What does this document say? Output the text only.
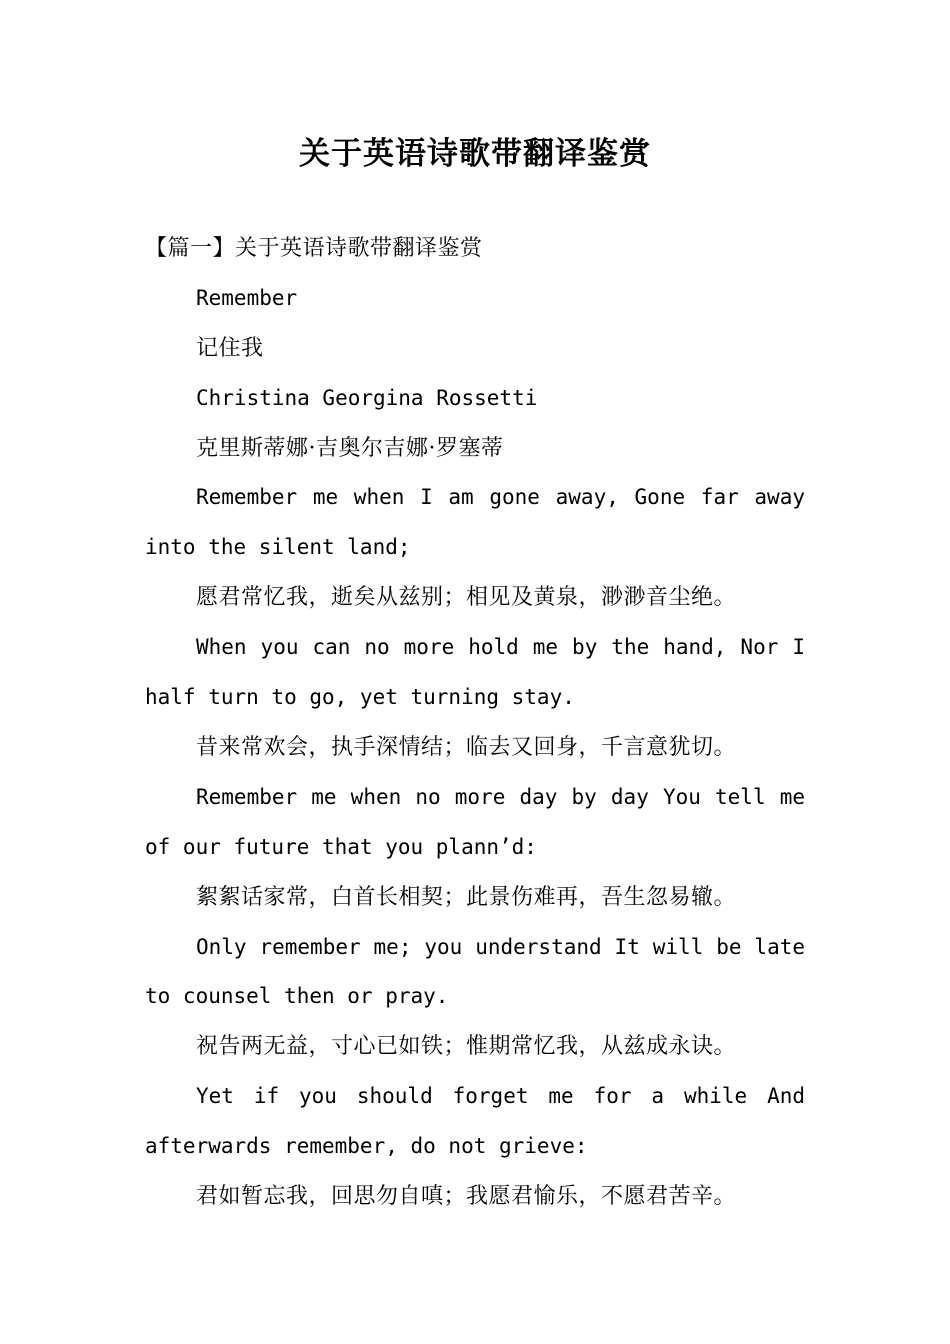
关于英语诗歌带翻译鉴赏
【篇一】关于英语诗歌带翻译鉴赏
Remember
记住我
Christina Georgina Rossetti
克里斯蒂娜·吉奥尔吉娜·罗塞蒂
Remember me when I am gone away, Gone far away into the silent land;
愿君常忆我，逝矣从兹别；相见及黄泉，渺渺音尘绝。
When you can no more hold me by the hand, Nor I half turn to go, yet turning stay.
昔来常欢会，执手深情结；临去又回身，千言意犹切。
Remember me when no more day by day You tell me of our future that you plann’d:
絮絮话家常，白首长相契；此景伤难再，吾生忽易辙。
Only remember me; you understand It will be late to counsel then or pray.
祝告两无益，寸心已如铁；惟期常忆我，从兹成永诀。
Yet if you should forget me for a while And afterwards remember, do not grieve:
君如暂忘我，回思勿自嗔；我愿君愉乐，不愿君苦辛。
